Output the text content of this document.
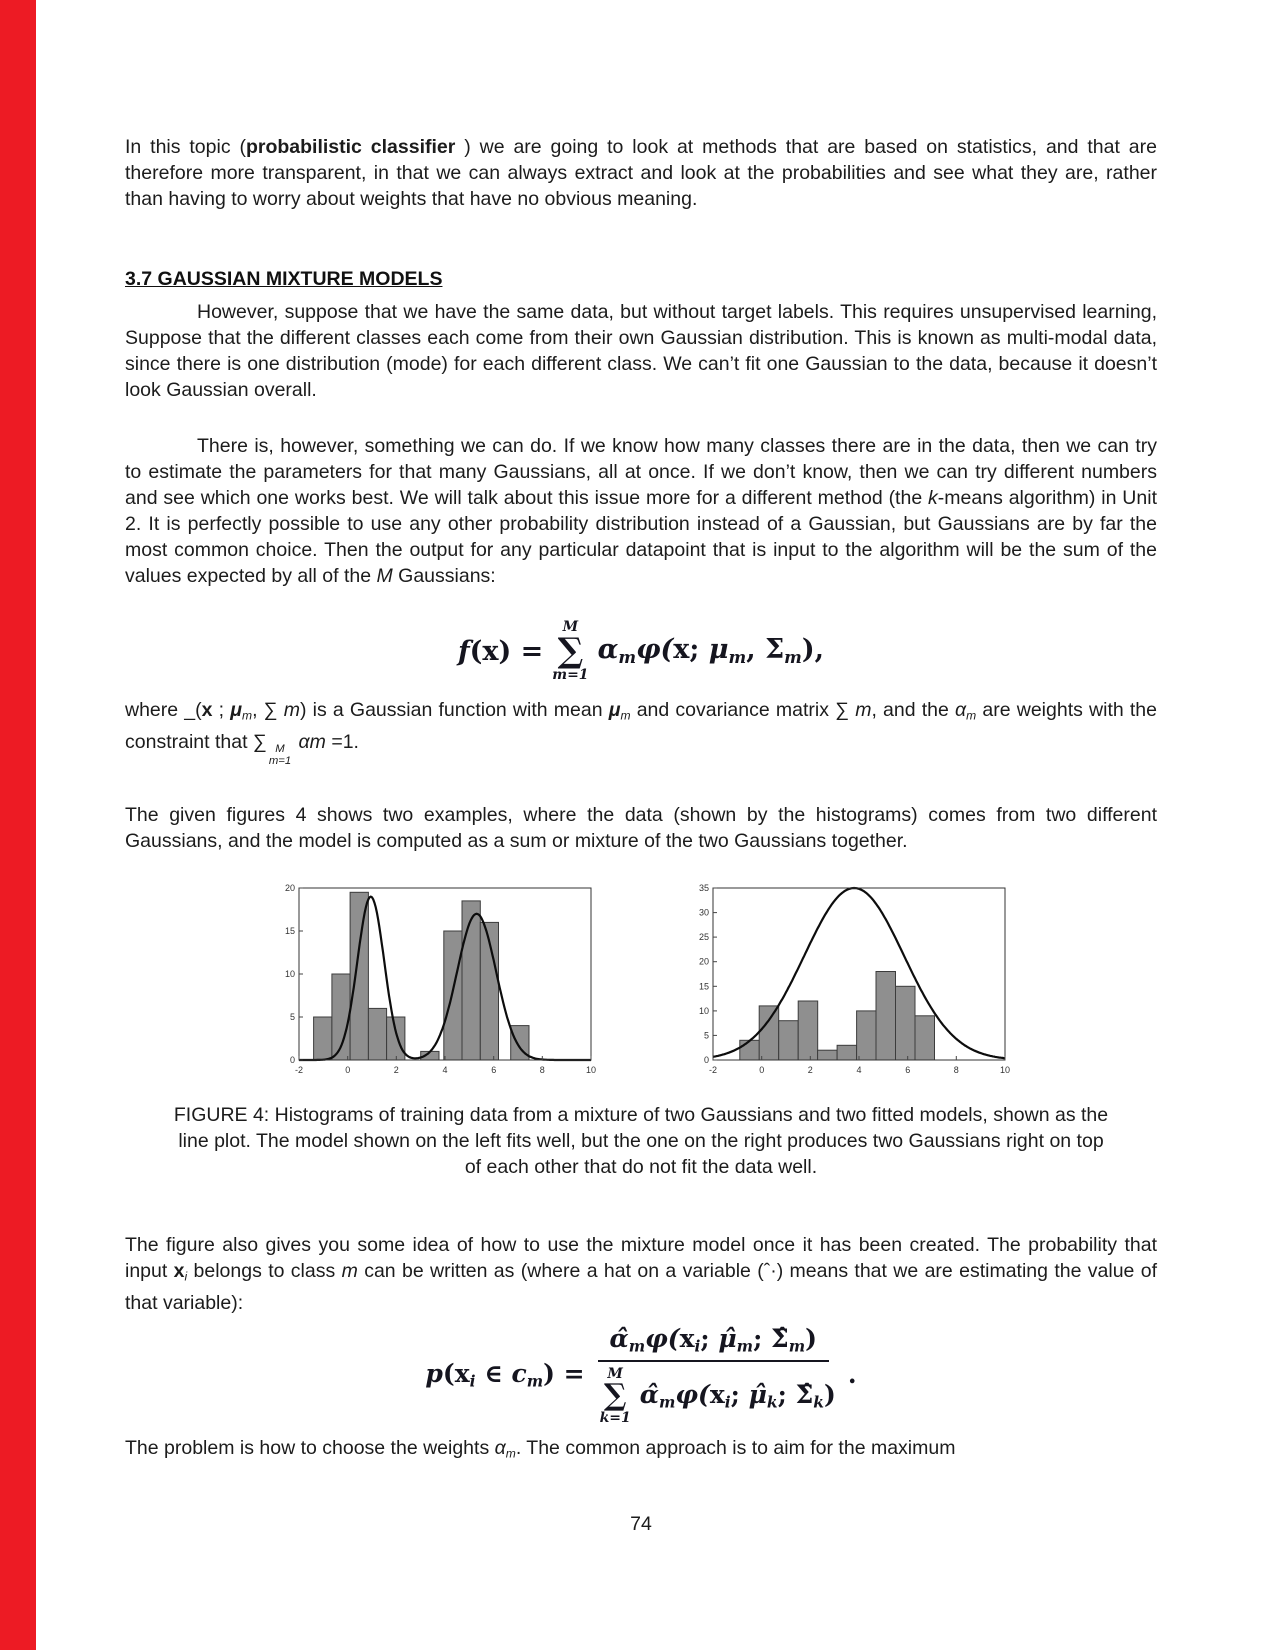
In this topic (probabilistic classifier ) we are going to look at methods that are based on statistics, and that are therefore more transparent, in that we can always extract and look at the probabilities and see what they are, rather than having to worry about weights that have no obvious meaning.

3.7 GAUSSIAN MIXTURE MODELS

However, suppose that we have the same data, but without target labels. This requires unsupervised learning, Suppose that the different classes each come from their own Gaussian distribution. This is known as multi-modal data, since there is one distribution (mode) for each different class. We can’t fit one Gaussian to the data, because it doesn’t look Gaussian overall.

There is, however, something we can do. If we know how many classes there are in the data, then we can try to estimate the parameters for that many Gaussians, all at once. If we don’t know, then we can try different numbers and see which one works best. We will talk about this issue more for a different method (the k-means algorithm) in Unit 2. It is perfectly possible to use any other probability distribution instead of a Gaussian, but Gaussians are by far the most common choice. Then the output for any particular datapoint that is input to the algorithm will be the sum of the values expected by all of the M Gaussians:

f(x) =
M
∑
m=1
$\alpha_m\varphi(x$; $\mu_m$, $\Sigma_m$),

where _(x ; $\mu_m$, ∑ m) is a Gaussian function with mean $\mu_m$ and covariance matrix ∑ m, and the $\alpha_m$ are weights with the constraint that ∑ M
m=1
αm =1.

The given figures 4 shows two examples, where the data (shown by the histograms) comes from two different Gaussians, and the model is computed as a sum or mixture of the two Gaussians together.

0
5
10
15
20
-2	0	2	4	6	8	10
0
5
10
15
20
25
30
35
-2	0	2	4	6	8	10

FIGURE 4: Histograms of training data from a mixture of two Gaussians and two fitted models, shown as the line plot. The model shown on the left fits well, but the one on the right produces two Gaussians right on top of each other that do not fit the data well.

The figure also gives you some idea of how to use the mixture model once it has been created. The probability that input $x_i$ belongs to class m can be written as (where a hat on a variable (ˆ·) means that we are estimating the value of that variable):

$p(x_i$ ∈ $c_m$) =
$\alphâ_m\varphi(x_i$; $\mû_m$; $\Sigmâ_m$)
M
∑
k=1
$\alphâ_m\varphi(x_i$; $\mû_k$; $\Sigmâ_k$)
.

The problem is how to choose the weights $\alpha_m$. The common approach is to aim for the maximum

74
